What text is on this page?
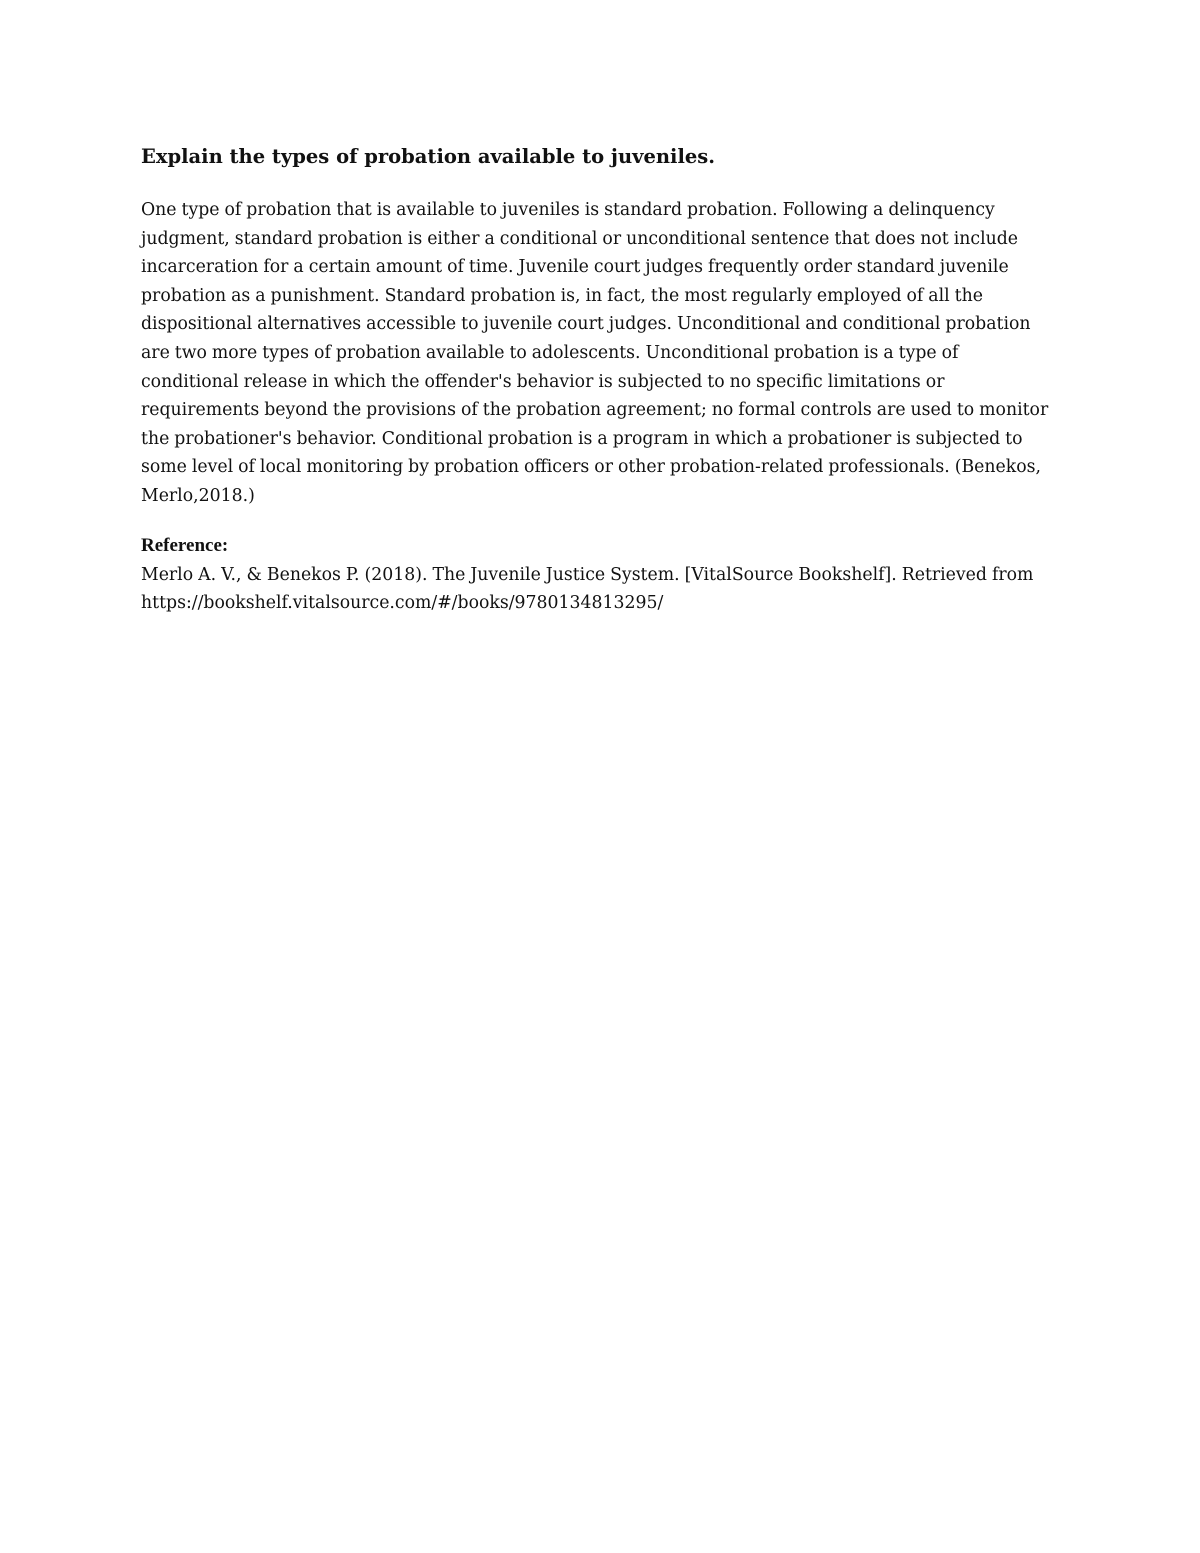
Explain the types of probation available to juveniles.

One type of probation that is available to juveniles is standard probation. Following a delinquency judgment, standard probation is either a conditional or unconditional sentence that does not include incarceration for a certain amount of time. Juvenile court judges frequently order standard juvenile probation as a punishment. Standard probation is, in fact, the most regularly employed of all the dispositional alternatives accessible to juvenile court judges. Unconditional and conditional probation are two more types of probation available to adolescents. Unconditional probation is a type of conditional release in which the offender's behavior is subjected to no specific limitations or requirements beyond the provisions of the probation agreement; no formal controls are used to monitor the probationer's behavior. Conditional probation is a program in which a probationer is subjected to some level of local monitoring by probation officers or other probation-related professionals. (Benekos, Merlo,2018.)

Reference:

Merlo A. V., & Benekos P. (2018). The Juvenile Justice System. [VitalSource Bookshelf]. Retrieved from https://bookshelf.vitalsource.com/#/books/9780134813295/
